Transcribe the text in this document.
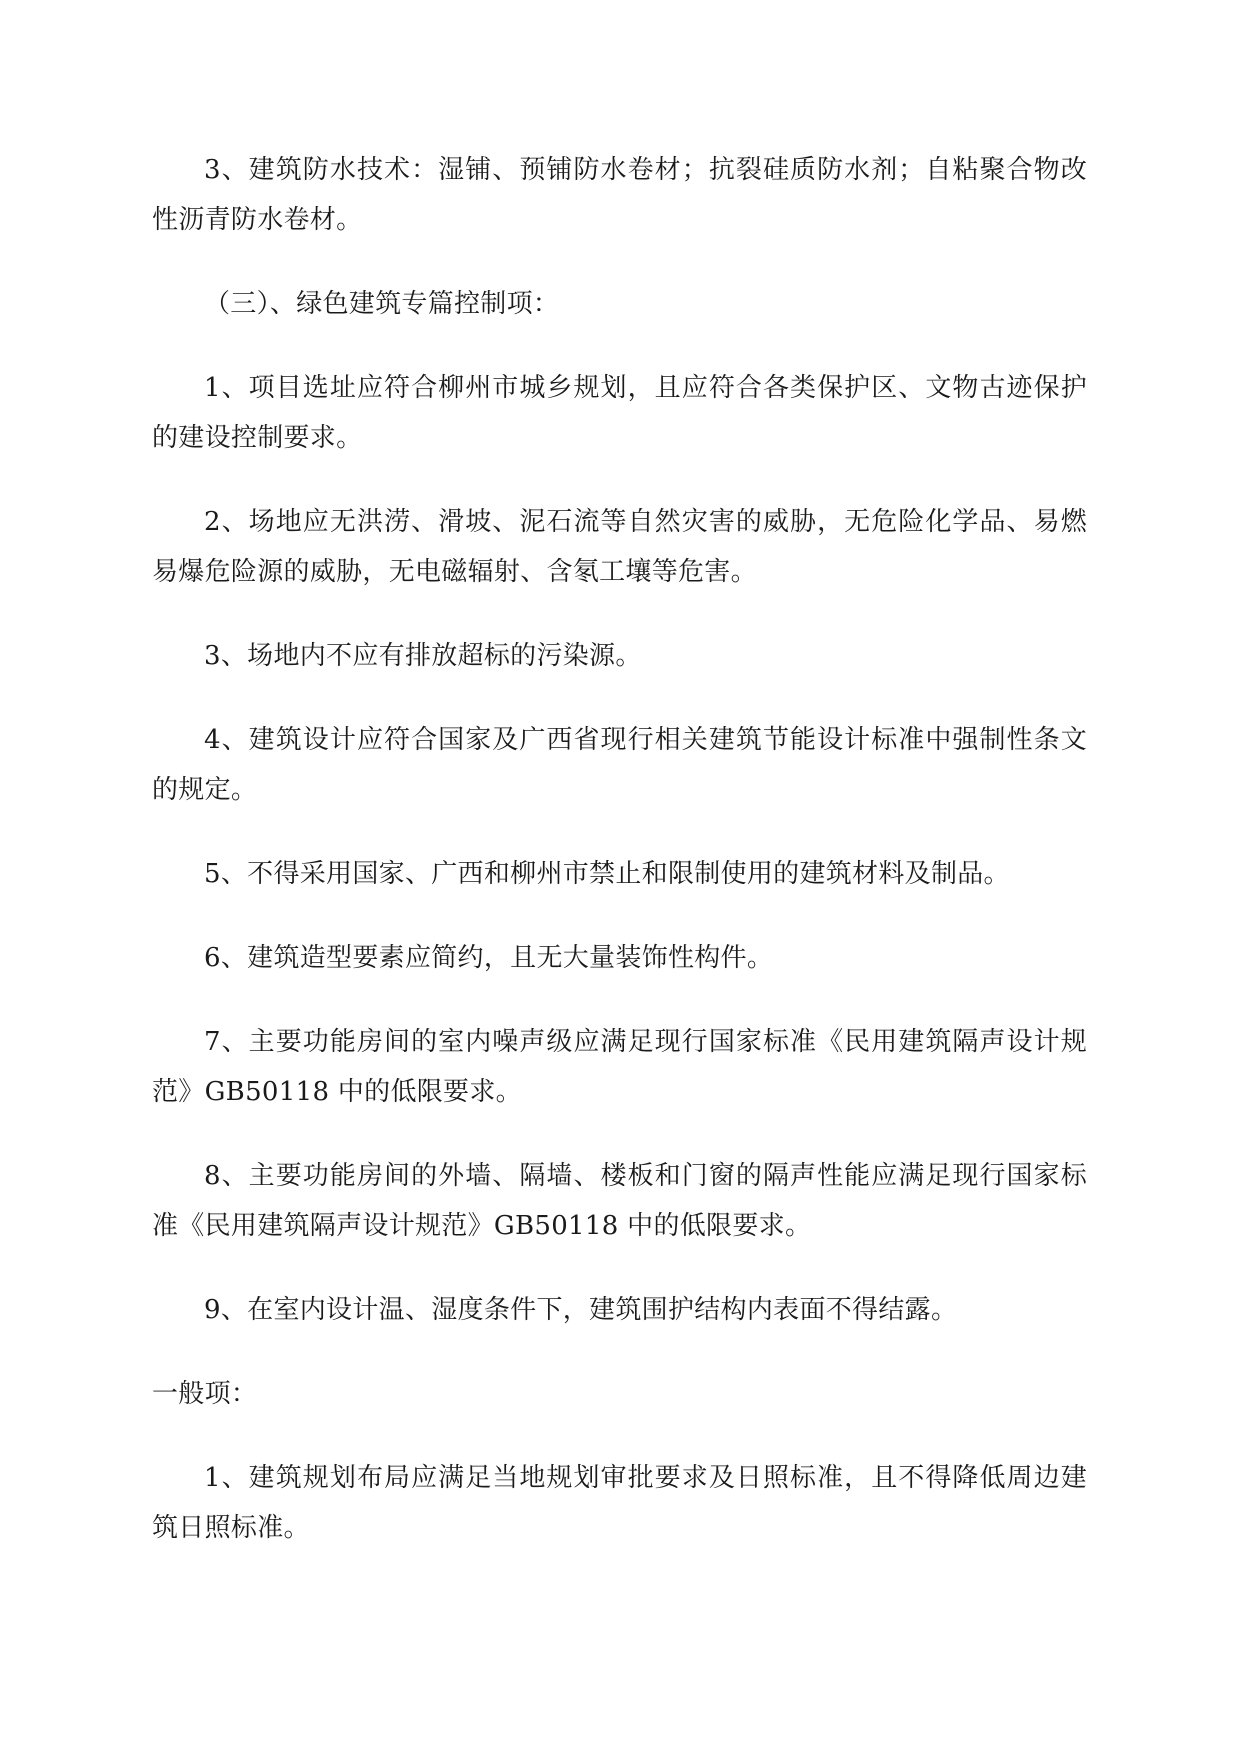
3、建筑防水技术：湿铺、预铺防水卷材；抗裂硅质防水剂；自粘聚合物改性沥青防水卷材。

（三）、绿色建筑专篇控制项：

1、项目选址应符合柳州市城乡规划，且应符合各类保护区、文物古迹保护的建设控制要求。

2、场地应无洪涝、滑坡、泥石流等自然灾害的威胁，无危险化学品、易燃易爆危险源的威胁，无电磁辐射、含氡工壤等危害。

3、场地内不应有排放超标的污染源。

4、建筑设计应符合国家及广西省现行相关建筑节能设计标准中强制性条文的规定。

5、不得采用国家、广西和柳州市禁止和限制使用的建筑材料及制品。

6、建筑造型要素应简约，且无大量装饰性构件。

7、主要功能房间的室内噪声级应满足现行国家标准《民用建筑隔声设计规范》GB50118 中的低限要求。

8、主要功能房间的外墙、隔墙、楼板和门窗的隔声性能应满足现行国家标准《民用建筑隔声设计规范》GB50118 中的低限要求。

9、在室内设计温、湿度条件下，建筑围护结构内表面不得结露。

一般项：

1、建筑规划布局应满足当地规划审批要求及日照标准，且不得降低周边建筑日照标准。
